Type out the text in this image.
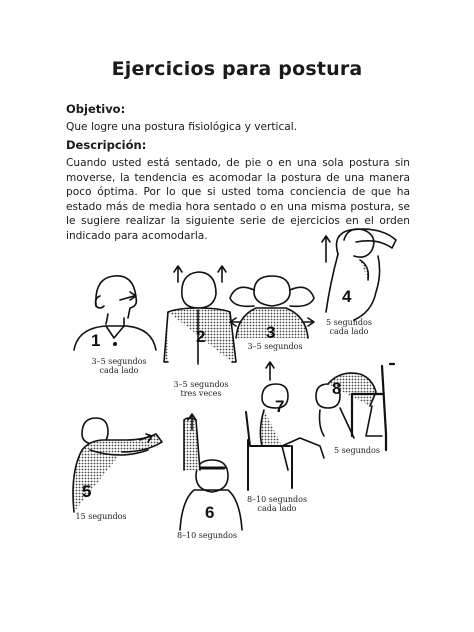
Ejercicios para postura
Objetivo:
Que logre una postura fisiológica y vertical.
Descripción:
Cuando usted está sentado, de pie o en una sola postura sin moverse, la tendencia es acomodar la postura de una manera poco óptima. Por lo que si usted toma conciencia de que ha estado más de media hora sentado o en una misma postura, se le sugiere realizar la siguiente serie de ejercicios en el orden indicado para acomodarla.
1	2	3
4
5
6
7
8
3–5 segundos
cada lado
3–5 segundos
tres veces
3–5 segundos
5 segundos
cada lado
15 segundos
8–10 segundos
8–10 segundos
cada lado
5 segundos
